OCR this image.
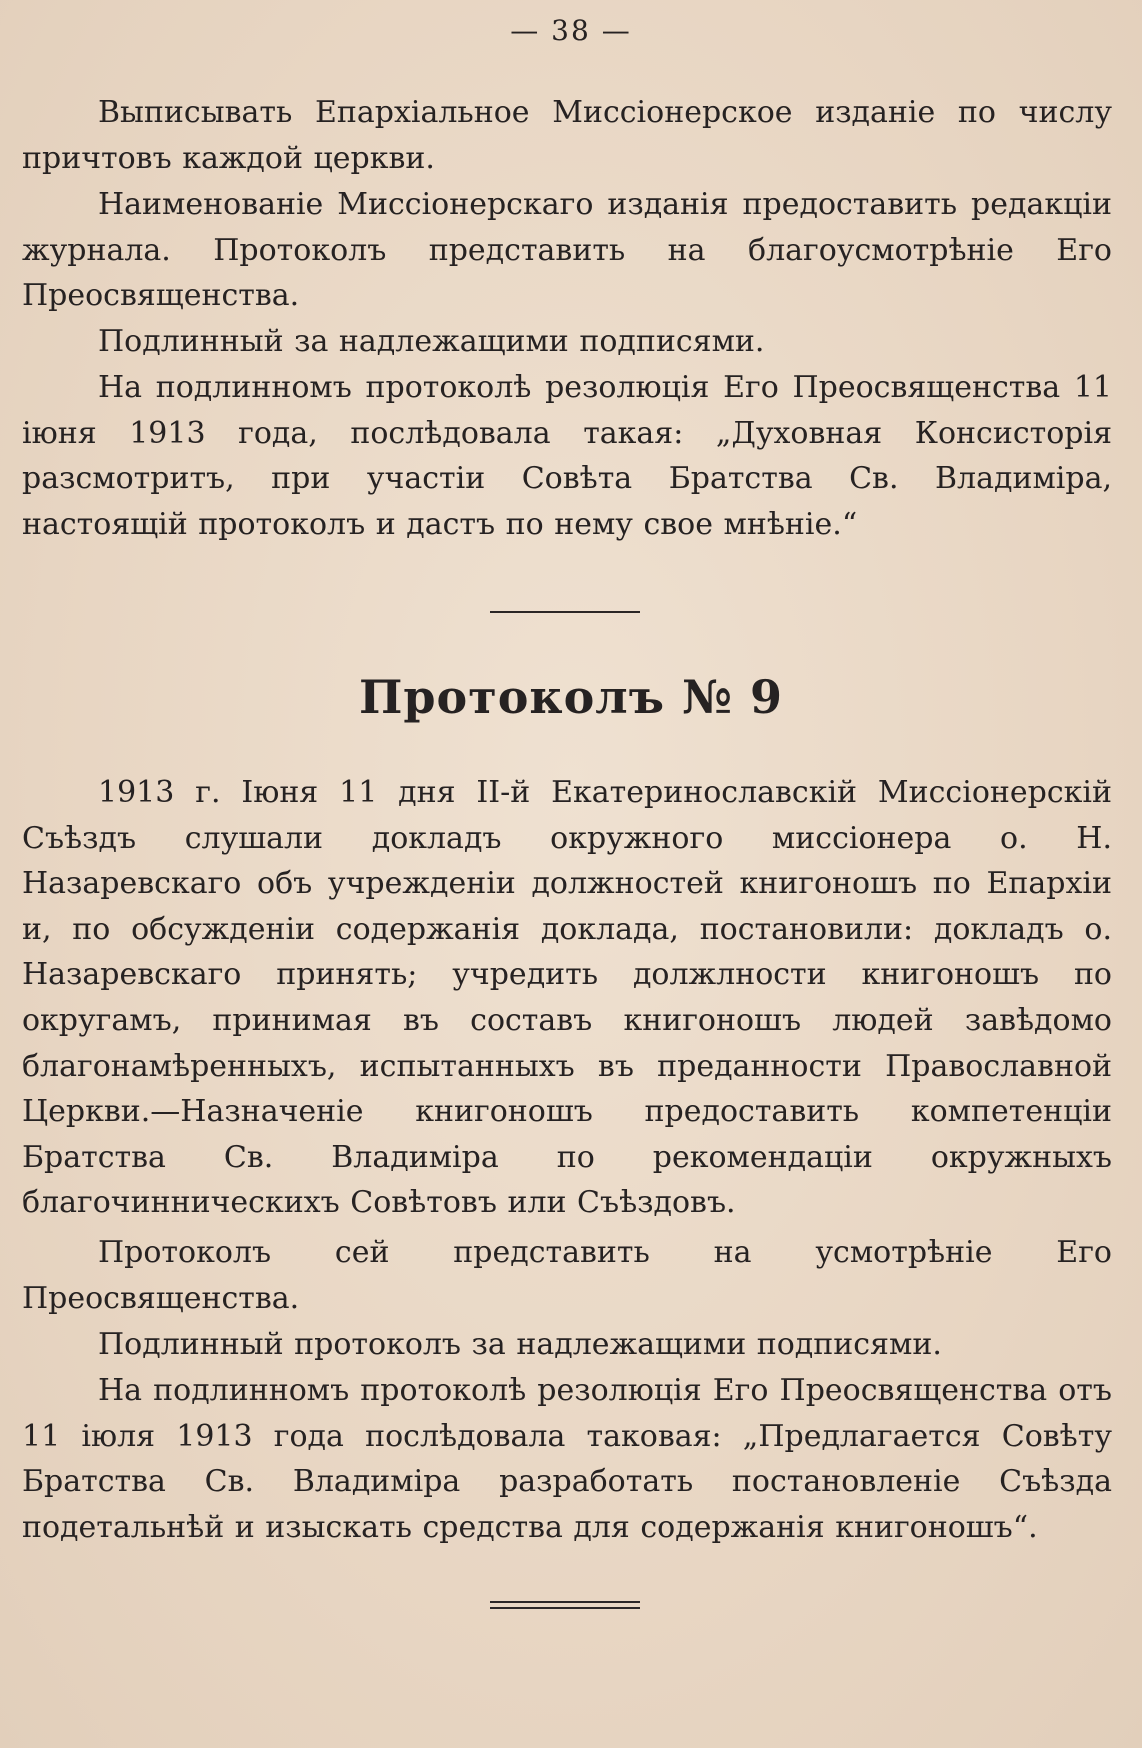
— 38 —

Выписывать Епархіальное Миссіонерское изданіе по числу причтовъ каждой церкви.

Наименованіе Миссіонерскаго изданія предоставить редакціи журнала. Протоколъ представить на благоусмотрѣніе Его Преосвященства.

Подлинный за надлежащими подписями.

На подлинномъ протоколѣ резолюція Его Преосвященства 11 іюня 1913 года, послѣдовала такая: „Духовная Консисторія разсмотритъ, при участіи Совѣта Братства Св. Владиміра, настоящій протоколъ и дастъ по нему свое мнѣніе.“

Протоколъ № 9

1913 г. Іюня 11 дня II-й Екатеринославскій Миссіонерскій Съѣздъ слушали докладъ окружного миссіонера о. Н. Назаревскаго объ учрежденіи должностей книгоношъ по Епархіи и, по обсужденіи содержанія доклада, постановили: докладъ о. Назаревскаго принять; учредить должлности книгоношъ по округамъ, принимая въ составъ книгоношъ людей завѣдомо благонамѣренныхъ, испытанныхъ въ преданности Православной Церкви.—Назначеніе книгоношъ предоставить компетенціи Братства Св. Владиміра по рекомендаціи окружныхъ благочинническихъ Совѣтовъ или Съѣздовъ.

Протоколъ сей представить на усмотрѣніе Его Преосвященства.

Подлинный протоколъ за надлежащими подписями.

На подлинномъ протоколѣ резолюція Его Преосвященства отъ 11 іюля 1913 года послѣдовала таковая: „Предлагается Совѣту Братства Св. Владиміра разработать постановленіе Съѣзда подетальнѣй и изыскать средства для содержанія книгоношъ“.
